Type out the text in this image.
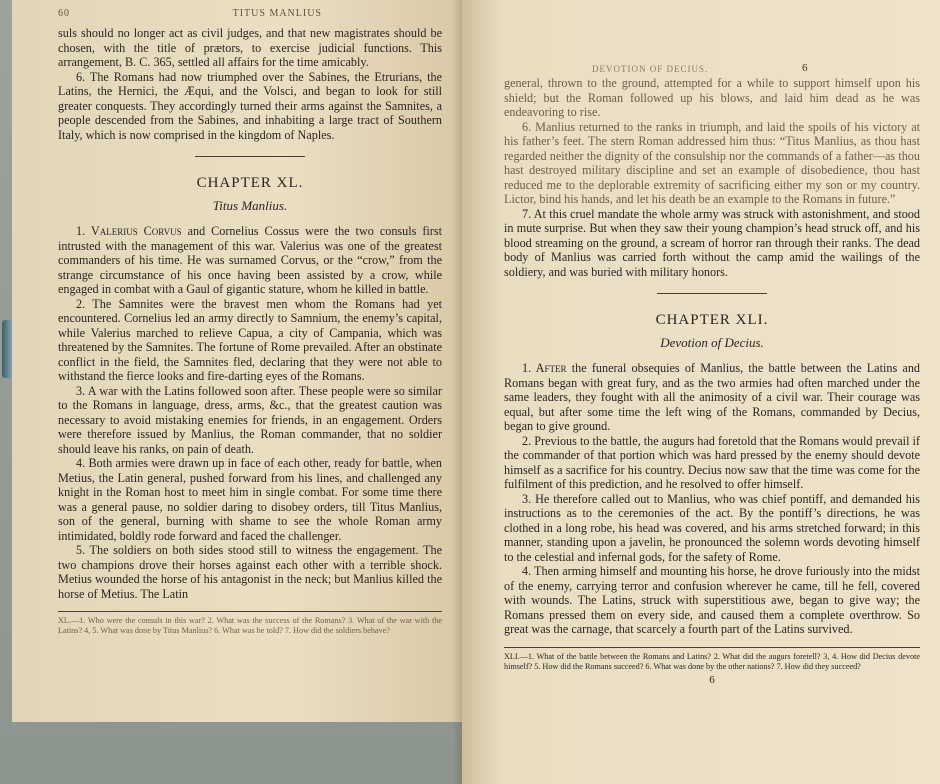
60	TITUS MANLIUS

suls should no longer act as civil judges, and that new magistrates should be chosen, with the title of prætors, to exercise judicial functions. This arrangement, B. C. 365, settled all affairs for the time amicably.

6. The Romans had now triumphed over the Sabines, the Etrurians, the Latins, the Hernici, the Æqui, and the Volsci, and began to look for still greater conquests. They accordingly turned their arms against the Samnites, a people descended from the Sabines, and inhabiting a large tract of Southern Italy, which is now comprised in the kingdom of Naples.

CHAPTER XL.

Titus Manlius.

1. Valerius Corvus and Cornelius Cossus were the two consuls first intrusted with the management of this war. Valerius was one of the greatest commanders of his time. He was surnamed Corvus, or the “crow,” from the strange circumstance of his once having been assisted by a crow, while engaged in combat with a Gaul of gigantic stature, whom he killed in battle.

2. The Samnites were the bravest men whom the Romans had yet encountered. Cornelius led an army directly to Samnium, the enemy’s capital, while Valerius marched to relieve Capua, a city of Campania, which was threatened by the Samnites. The fortune of Rome prevailed. After an obstinate conflict in the field, the Samnites fled, declaring that they were not able to withstand the fierce looks and fire-darting eyes of the Romans.

3. A war with the Latins followed soon after. These people were so similar to the Romans in language, dress, arms, &c., that the greatest caution was necessary to avoid mistaking enemies for friends, in an engagement. Orders were therefore issued by Manlius, the Roman commander, that no soldier should leave his ranks, on pain of death.

4. Both armies were drawn up in face of each other, ready for battle, when Metius, the Latin general, pushed forward from his lines, and challenged any knight in the Roman host to meet him in single combat. For some time there was a general pause, no soldier daring to disobey orders, till Titus Manlius, son of the general, burning with shame to see the whole Roman army intimidated, boldly rode forward and faced the challenger.

5. The soldiers on both sides stood still to witness the engagement. The two champions drove their horses against each other with a terrible shock. Metius wounded the horse of his antagonist in the neck; but Manlius killed the horse of Metius. The Latin

XL.—1. Who were the consuls in this war? 2. What was the success of the Romans? 3. What of the war with the Latins? 4, 5. What was done by Titus Manlius? 6. What was he told? 7. How did the soldiers behave?

DEVOTION OF DECIUS.	6

general, thrown to the ground, attempted for a while to support himself upon his shield; but the Roman followed up his blows, and laid him dead as he was endeavoring to rise.

6. Manlius returned to the ranks in triumph, and laid the spoils of his victory at his father’s feet. The stern Roman addressed him thus: “Titus Manlius, as thou hast regarded neither the dignity of the consulship nor the commands of a father—as thou hast destroyed military discipline and set an example of disobedience, thou hast reduced me to the deplorable extremity of sacrificing either my son or my country. Lictor, bind his hands, and let his death be an example to the Romans in future.”

7. At this cruel mandate the whole army was struck with astonishment, and stood in mute surprise. But when they saw their young champion’s head struck off, and his blood streaming on the ground, a scream of horror ran through their ranks. The dead body of Manlius was carried forth without the camp amid the wailings of the soldiery, and was buried with military honors.

CHAPTER XLI.

Devotion of Decius.

1. After the funeral obsequies of Manlius, the battle between the Latins and Romans began with great fury, and as the two armies had often marched under the same leaders, they fought with all the animosity of a civil war. Their courage was equal, but after some time the left wing of the Romans, commanded by Decius, began to give ground.

2. Previous to the battle, the augurs had foretold that the Romans would prevail if the commander of that portion which was hard pressed by the enemy should devote himself as a sacrifice for his country. Decius now saw that the time was come for the fulfilment of this prediction, and he resolved to offer himself.

3. He therefore called out to Manlius, who was chief pontiff, and demanded his instructions as to the ceremonies of the act. By the pontiff’s directions, he was clothed in a long robe, his head was covered, and his arms stretched forward; in this manner, standing upon a javelin, he pronounced the solemn words devoting himself to the celestial and infernal gods, for the safety of Rome.

4. Then arming himself and mounting his horse, he drove furiously into the midst of the enemy, carrying terror and confusion wherever he came, till he fell, covered with wounds. The Latins, struck with superstitious awe, began to give way; the Romans pressed them on every side, and caused them a complete overthrow. So great was the carnage, that scarcely a fourth part of the Latins survived.

XLI.—1. What of the battle between the Romans and Latins? 2. What did the augurs foretell? 3, 4. How did Decius devote himself? 5. How did the Romans succeed? 6. What was done by the other nations? 7. How did they succeed?

6
